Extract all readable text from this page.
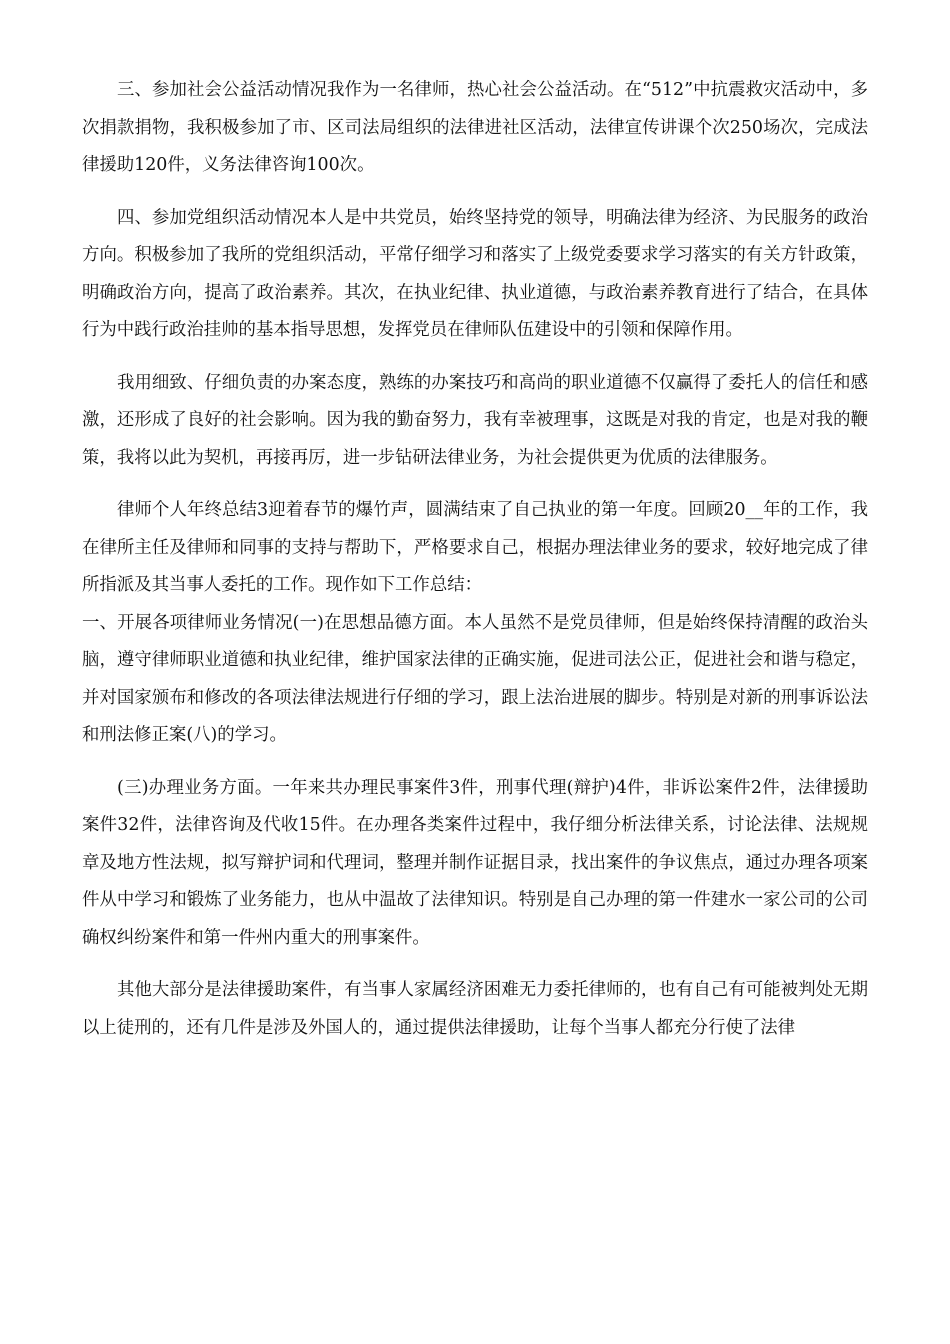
三、参加社会公益活动情况我作为一名律师，热心社会公益活动。在“512”中抗震救灾活动中，多次捐款捐物，我积极参加了市、区司法局组织的法律进社区活动，法律宣传讲课个次250场次，完成法律援助120件，义务法律咨询100次。

四、参加党组织活动情况本人是中共党员，始终坚持党的领导，明确法律为经济、为民服务的政治方向。积极参加了我所的党组织活动，平常仔细学习和落实了上级党委要求学习落实的有关方针政策，明确政治方向，提高了政治素养。其次，在执业纪律、执业道德，与政治素养教育进行了结合，在具体行为中践行政治挂帅的基本指导思想，发挥党员在律师队伍建设中的引领和保障作用。

我用细致、仔细负责的办案态度，熟练的办案技巧和高尚的职业道德不仅赢得了委托人的信任和感激，还形成了良好的社会影响。因为我的勤奋努力，我有幸被理事，这既是对我的肯定，也是对我的鞭策，我将以此为契机，再接再厉，进一步钻研法律业务，为社会提供更为优质的法律服务。

律师个人年终总结3迎着春节的爆竹声，圆满结束了自己执业的第一年度。回顾20__年的工作，我在律所主任及律师和同事的支持与帮助下，严格要求自己，根据办理法律业务的要求，较好地完成了律所指派及其当事人委托的工作。现作如下工作总结：

一、开展各项律师业务情况(一)在思想品德方面。本人虽然不是党员律师，但是始终保持清醒的政治头脑，遵守律师职业道德和执业纪律，维护国家法律的正确实施，促进司法公正，促进社会和谐与稳定，并对国家颁布和修改的各项法律法规进行仔细的学习，跟上法治进展的脚步。特别是对新的刑事诉讼法和刑法修正案(八)的学习。

(三)办理业务方面。一年来共办理民事案件3件，刑事代理(辩护)4件，非诉讼案件2件，法律援助案件32件，法律咨询及代收15件。在办理各类案件过程中，我仔细分析法律关系，讨论法律、法规规章及地方性法规，拟写辩护词和代理词，整理并制作证据目录，找出案件的争议焦点，通过办理各项案件从中学习和锻炼了业务能力，也从中温故了法律知识。特别是自己办理的第一件建水一家公司的公司确权纠纷案件和第一件州内重大的刑事案件。

其他大部分是法律援助案件，有当事人家属经济困难无力委托律师的，也有自己有可能被判处无期以上徒刑的，还有几件是涉及外国人的，通过提供法律援助，让每个当事人都充分行使了法律
